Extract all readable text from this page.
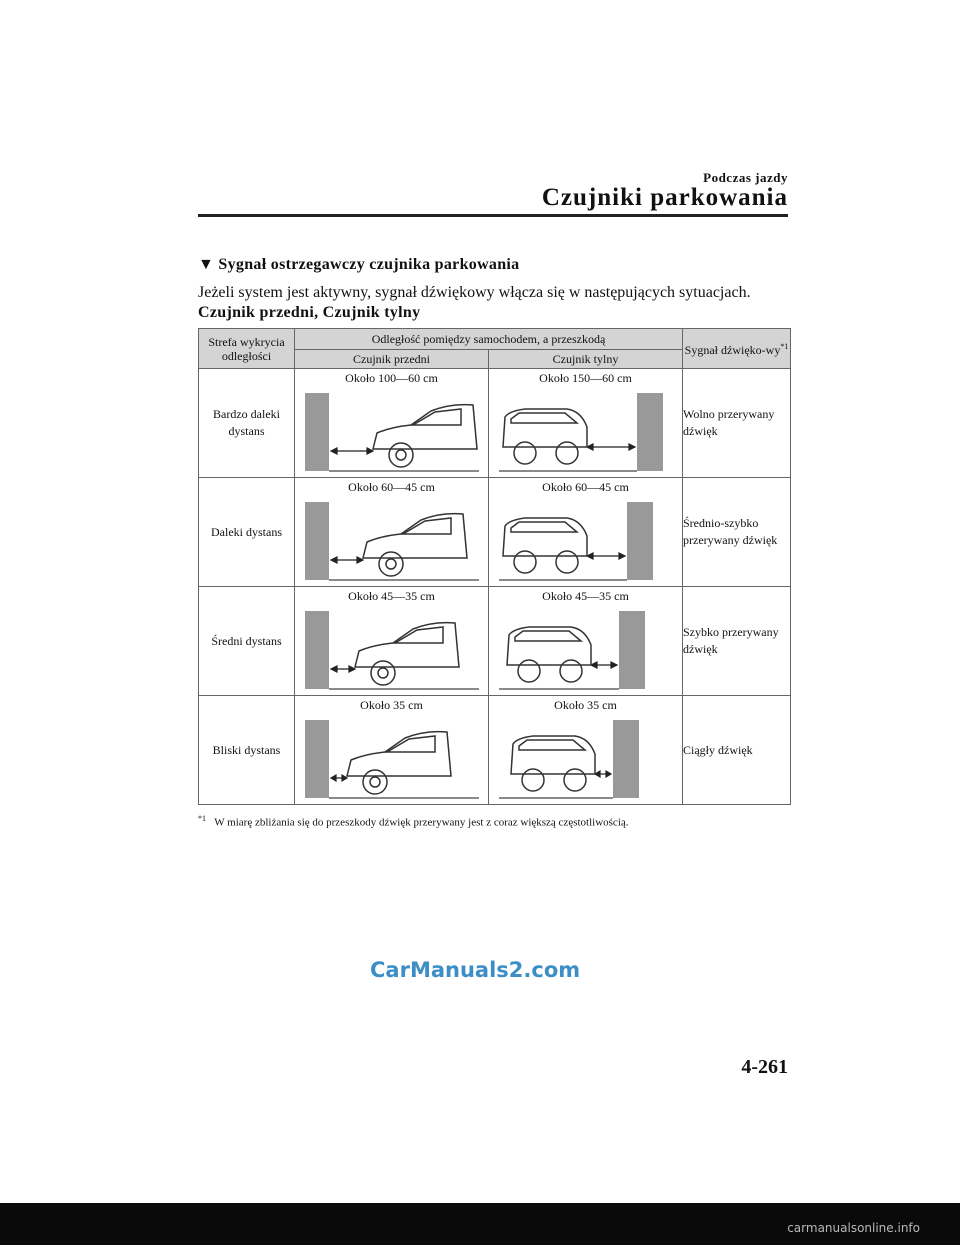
Podczas jazdy
Czujniki parkowania
▼ Sygnał ostrzegawczy czujnika parkowania
Jeżeli system jest aktywny, sygnał dźwiękowy włącza się w następujących sytuacjach.
Czujnik przedni, Czujnik tylny
Strefa wykrycia odległości	Odległość pomiędzy samochodem, a przeszkodą		Sygnał dźwięko-$wy^{*1}$
	Czujnik przedni	Czujnik tylny	
Bardzo daleki dystans	Około 100—60 cm	Około 150—60 cm	Wolno przerywany dźwięk
Daleki dystans	Około 60—45 cm	Około 60—45 cm	Średnio-szybko przerywany dźwięk
Średni dystans	Około 45—35 cm	Około 45—35 cm	Szybko przerywany dźwięk
Bliski dystans	Około 35 cm	Około 35 cm	Ciągły dźwięk
$^{*1}$ W miarę zbliżania się do przeszkody dźwięk przerywany jest z coraz większą częstotliwością.
CarManuals2.com
4-261
carmanualsonline.info
